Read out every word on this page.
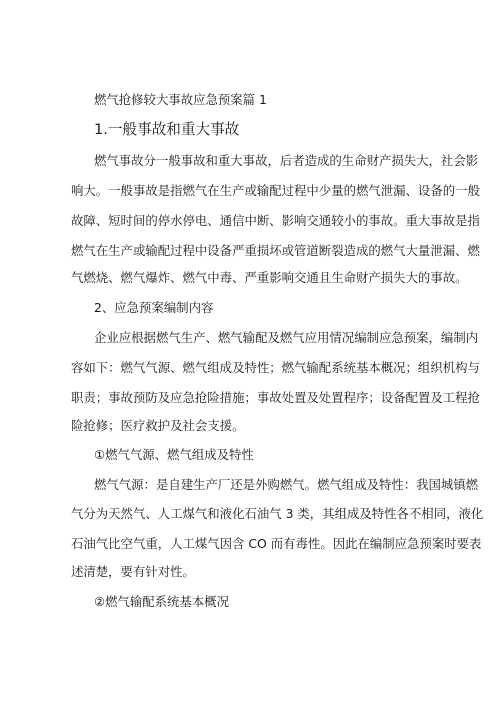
燃气抢修较大事故应急预案篇 1
1.一般事故和重大事故
燃气事故分一般事故和重大事故，后者造成的生命财产损失大，社会影
响大。一般事故是指燃气在生产或输配过程中少量的燃气泄漏、设备的一般
故障、短时间的停水停电、通信中断、影响交通较小的事故。重大事故是指
燃气在生产或输配过程中设备严重损坏或管道断裂造成的燃气大量泄漏、燃
气燃烧、燃气爆炸、燃气中毒、严重影响交通且生命财产损失大的事故。
2、应急预案编制内容
企业应根据燃气生产、燃气输配及燃气应用情况编制应急预案，编制内
容如下：燃气气源、燃气组成及特性；燃气输配系统基本概况；组织机构与
职责；事故预防及应急抢险措施；事故处置及处置程序；设备配置及工程抢
险抢修；医疗救护及社会支援。
①燃气气源、燃气组成及特性
燃气气源：是自建生产厂还是外购燃气。燃气组成及特性：我国城镇燃
气分为天然气、人工煤气和液化石油气 3 类，其组成及特性各不相同，液化
石油气比空气重，人工煤气因含 CO 而有毒性。因此在编制应急预案时要表
述清楚，要有针对性。
②燃气输配系统基本概况
